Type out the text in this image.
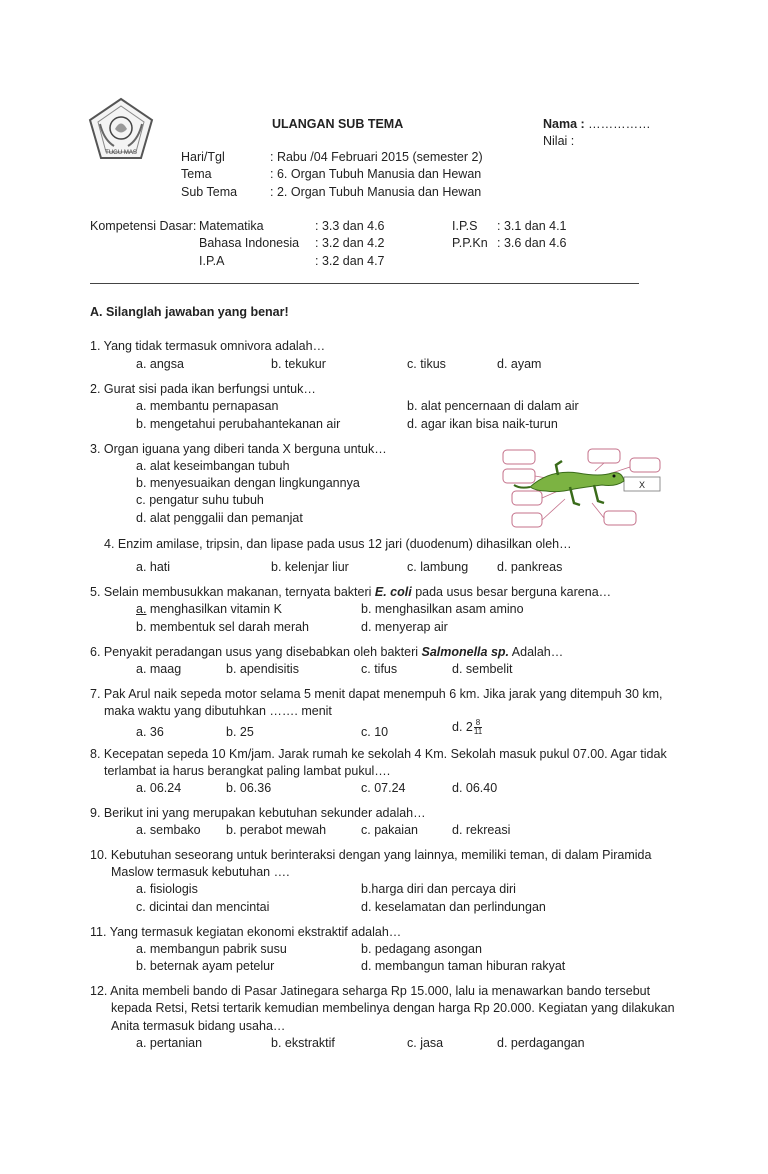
TUGU MAS
ULANGAN SUB TEMA	Nama : ……………
Nilai :
Hari/Tgl	: Rabu /04 Februari 2015 (semester 2)
Tema	: 6. Organ Tubuh Manusia dan Hewan
Sub Tema	: 2. Organ Tubuh Manusia dan Hewan
Kompetensi Dasar: Matematika	: 3.3 dan 4.6	I.P.S : 3.1 dan 4.1
Bahasa Indonesia : 3.2 dan 4.2	P.P.Kn : 3.6 dan 4.6
I.P.A	: 3.2 dan 4.7
A. Silanglah jawaban yang benar!
1. Yang tidak termasuk omnivora adalah…
a. angsa	b. tekukur	c. tikus	d. ayam
2. Gurat sisi pada ikan berfungsi untuk…
a. membantu pernapasan	b. alat pencernaan di dalam air
b. mengetahui perubahantekanan air	d. agar ikan bisa naik-turun
3. Organ iguana yang diberi tanda X berguna untuk…
a. alat keseimbangan tubuh
b. menyesuaikan dengan lingkungannya
c. pengatur suhu tubuh
d. alat penggalii dan pemanjat
X
4. Enzim amilase, tripsin, dan lipase pada usus 12 jari (duodenum) dihasilkan oleh…
a. hati	b. kelenjar liur	c. lambung d. pankreas
5. Selain membusukkan makanan, ternyata bakteri E. coli pada usus besar berguna karena…
a. menghasilkan vitamin K	b. menghasilkan asam amino
b. membentuk sel darah merah	d. menyerap air
6. Penyakit peradangan usus yang disebabkan oleh bakteri Salmonella sp. Adalah…
a. maag	b. apendisitis	c. tifus	d. sembelit
7. Pak Arul naik sepeda motor selama 5 menit dapat menempuh 6 km. Jika jarak yang ditempuh 30 km,
maka waktu yang dibutuhkan ……. menit
a. 36	b. 25	c. 10	d. $2 \frac{8}{11}$
8. Kecepatan sepeda 10 Km/jam. Jarak rumah ke sekolah 4 Km. Sekolah masuk pukul 07.00. Agar tidak
terlambat ia harus berangkat paling lambat pukul….
a. 06.24	b. 06.36	c. 07.24	d. 06.40
9. Berikut ini yang merupakan kebutuhan sekunder adalah…
a. sembako b. perabot mewah	c. pakaian	d. rekreasi
10. Kebutuhan seseorang untuk berinteraksi dengan yang lainnya, memiliki teman, di dalam Piramida
Maslow termasuk kebutuhan ….
a. fisiologis	b.harga diri dan percaya diri
c. dicintai dan mencintai	d. keselamatan dan perlindungan
11. Yang termasuk kegiatan ekonomi ekstraktif adalah…
a. membangun pabrik susu	b. pedagang asongan
b. beternak ayam petelur	d. membangun taman hiburan rakyat
12. Anita membeli bando di Pasar Jatinegara seharga Rp 15.000, lalu ia menawarkan bando tersebut
kepada Retsi, Retsi tertarik kemudian membelinya dengan harga Rp 20.000. Kegiatan yang dilakukan
Anita termasuk bidang usaha…
a. pertanian	b. ekstraktif	c. jasa	d. perdagangan
